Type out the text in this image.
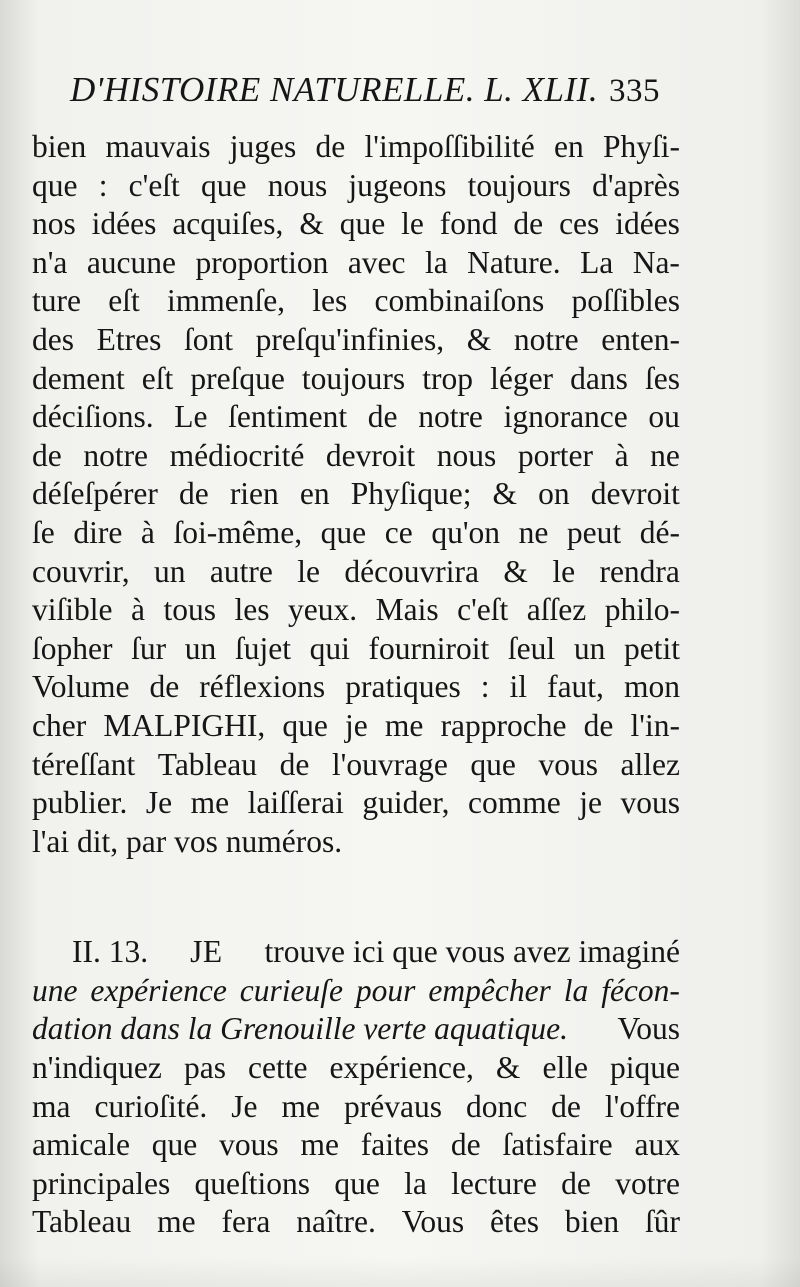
D'HISTOIRE NATURELLE. L. XLII. 335
bien mauvais juges de l'impoſſibilité en Phyſi-
que : c'eſt que nous jugeons toujours d'après
nos idées acquiſes, & que le fond de ces idées
n'a aucune proportion avec la Nature. La Na-
ture eſt immenſe, les combinaiſons poſſibles
des Etres ſont preſqu'infinies, & notre enten-
dement eſt preſque toujours trop léger dans ſes
déciſions. Le ſentiment de notre ignorance ou
de notre médiocrité devroit nous porter à ne
déſeſpérer de rien en Phyſique; & on devroit
ſe dire à ſoi-même, que ce qu'on ne peut dé-
couvrir, un autre le découvrira & le rendra
viſible à tous les yeux. Mais c'eſt aſſez philo-
ſopher ſur un ſujet qui fourniroit ſeul un petit
Volume de réflexions pratiques : il faut, mon
cher MALPIGHI, que je me rapproche de l'in-
téreſſant Tableau de l'ouvrage que vous allez
publier. Je me laiſſerai guider, comme je vous
l'ai dit, par vos numéros.
II. 13. JE trouve ici que vous avez imaginé
une expérience curieuſe pour empêcher la fécon-
dation dans la Grenouille verte aquatique. Vous
n'indiquez pas cette expérience, & elle pique
ma curioſité. Je me prévaus donc de l'offre
amicale que vous me faites de ſatisfaire aux
principales queſtions que la lecture de votre
Tableau me fera naître. Vous êtes bien ſûr
